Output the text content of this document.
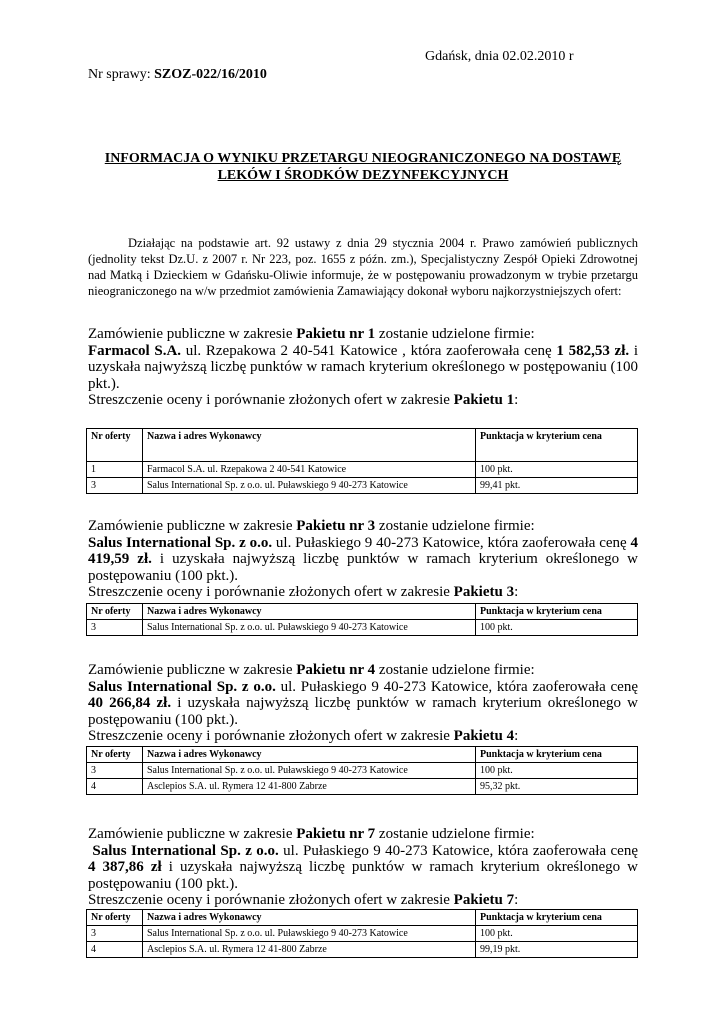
Gdańsk, dnia 02.02.2010 r
Nr sprawy: SZOZ-022/16/2010
INFORMACJA O WYNIKU PRZETARGU NIEOGRANICZONEGO NA DOSTAWĘ
LEKÓW I ŚRODKÓW DEZYNFEKCYJNYCH
Działając na podstawie art. 92 ustawy z dnia 29 stycznia 2004 r. Prawo zamówień publicznych (jednolity tekst Dz.U. z 2007 r. Nr 223, poz. 1655 z późn. zm.), Specjalistyczny Zespół Opieki Zdrowotnej nad Matką i Dzieckiem w Gdańsku-Oliwie informuje, że w postępowaniu prowadzonym w trybie przetargu nieograniczonego na w/w przedmiot zamówienia Zamawiający dokonał wyboru najkorzystniejszych ofert:

Zamówienie publiczne w zakresie Pakietu nr 1 zostanie udzielone firmie:

Farmacol S.A. ul. Rzepakowa 2 40-541 Katowice , która zaoferowała cenę 1 582,53 zł. i uzyskała najwyższą liczbę punktów w ramach kryterium określonego w postępowaniu (100 pkt.).

Streszczenie oceny i porównanie złożonych ofert w zakresie Pakietu 1:

Nr oferty	Nazwa i adres Wykonawcy	Punktacja w kryterium cena
1	Farmacol S.A. ul. Rzepakowa 2 40-541 Katowice	100 pkt.
3	Salus International Sp. z o.o. ul. Puławskiego 9 40-273 Katowice	99,41 pkt.

Zamówienie publiczne w zakresie Pakietu nr 3 zostanie udzielone firmie:

Salus International Sp. z o.o. ul. Pułaskiego 9 40-273 Katowice, która zaoferowała cenę 4 419,59 zł. i uzyskała najwyższą liczbę punktów w ramach kryterium określonego w postępowaniu (100 pkt.).

Streszczenie oceny i porównanie złożonych ofert w zakresie Pakietu 3:

Nr oferty	Nazwa i adres Wykonawcy	Punktacja w kryterium cena
3	Salus International Sp. z o.o. ul. Puławskiego 9 40-273 Katowice	100 pkt.

Zamówienie publiczne w zakresie Pakietu nr 4 zostanie udzielone firmie:

Salus International Sp. z o.o. ul. Pułaskiego 9 40-273 Katowice, która zaoferowała cenę 40 266,84 zł. i uzyskała najwyższą liczbę punktów w ramach kryterium określonego w postępowaniu (100 pkt.).

Streszczenie oceny i porównanie złożonych ofert w zakresie Pakietu 4:

Nr oferty	Nazwa i adres Wykonawcy	Punktacja w kryterium cena
3	Salus International Sp. z o.o. ul. Puławskiego 9 40-273 Katowice	100 pkt.
4	Asclepios S.A. ul. Rymera 12 41-800 Zabrze	95,32 pkt.

Zamówienie publiczne w zakresie Pakietu nr 7 zostanie udzielone firmie:

Salus International Sp. z o.o. ul. Pułaskiego 9 40-273 Katowice, która zaoferowała cenę 4 387,86 zł i uzyskała najwyższą liczbę punktów w ramach kryterium określonego w postępowaniu (100 pkt.).

Streszczenie oceny i porównanie złożonych ofert w zakresie Pakietu 7:

Nr oferty	Nazwa i adres Wykonawcy	Punktacja w kryterium cena
3	Salus International Sp. z o.o. ul. Puławskiego 9 40-273 Katowice	100 pkt.
4	Asclepios S.A. ul. Rymera 12 41-800 Zabrze	99,19 pkt.
